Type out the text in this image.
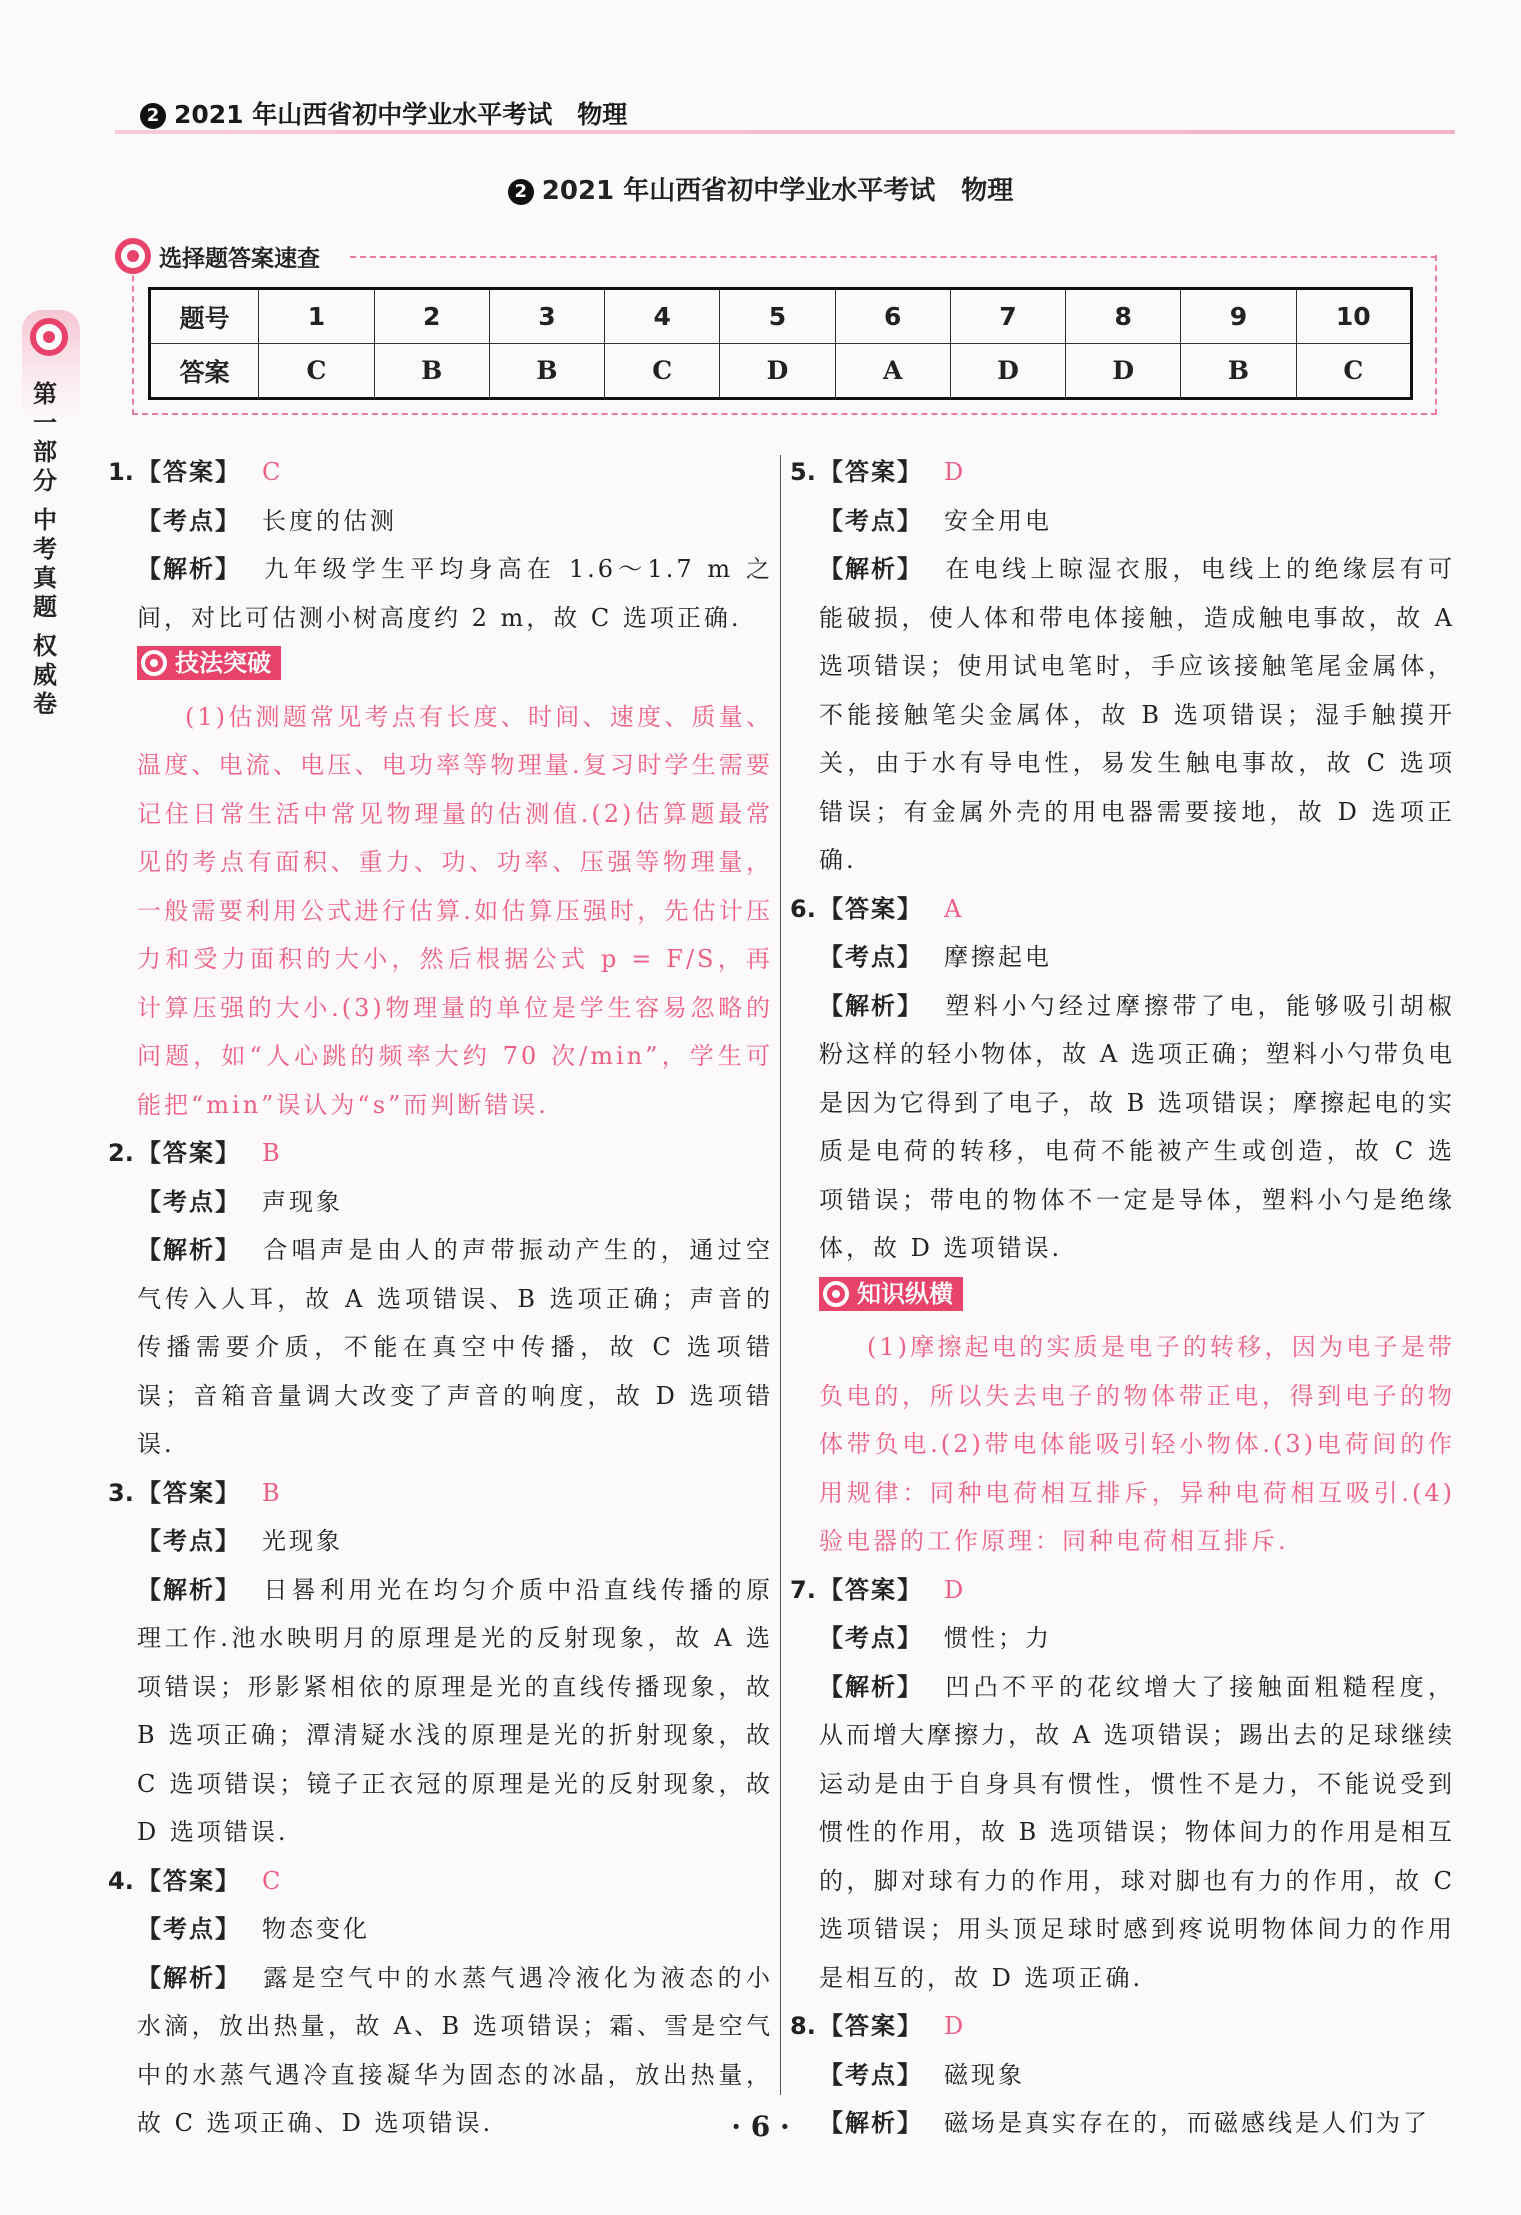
2 2021 年山西省初中学业水平考试　物理
2 2021 年山西省初中学业水平考试　物理
第一部分
中考真题
权威卷
选择题答案速查
题号	1	2	3	4	5	6	7	8	9	10
答案	C	B	B	C	D	A	D	D	B	C
1. 【答案】 C
【考点】 长度的估测
【解析】 九年级学生平均身高在 1.6～1.7 m 之间，对比可估测小树高度约 2 m，故 C 选项正确.
技法突破
(1)估测题常见考点有长度、时间、速度、质量、温度、电流、电压、电功率等物理量.复习时学生需要记住日常生活中常见物理量的估测值.(2)估算题最常见的考点有面积、重力、功、功率、压强等物理量，一般需要利用公式进行估算.如估算压强时，先估计压力和受力面积的大小，然后根据公式 p = F/S，再计算压强的大小.(3)物理量的单位是学生容易忽略的问题，如“人心跳的频率大约 70 次/min”，学生可能把“min”误认为“s”而判断错误.
2. 【答案】 B
【考点】 声现象
【解析】 合唱声是由人的声带振动产生的，通过空气传入人耳，故 A 选项错误、B 选项正确；声音的传播需要介质，不能在真空中传播，故 C 选项错误；音箱音量调大改变了声音的响度，故 D 选项错误.
3. 【答案】 B
【考点】 光现象
【解析】 日晷利用光在均匀介质中沿直线传播的原理工作.池水映明月的原理是光的反射现象，故 A 选项错误；形影紧相依的原理是光的直线传播现象，故 B 选项正确；潭清疑水浅的原理是光的折射现象，故 C 选项错误；镜子正衣冠的原理是光的反射现象，故 D 选项错误.
4. 【答案】 C
【考点】 物态变化
【解析】 露是空气中的水蒸气遇冷液化为液态的小水滴，放出热量，故 A、B 选项错误；霜、雪是空气中的水蒸气遇冷直接凝华为固态的冰晶，放出热量，故 C 选项正确、D 选项错误.
5. 【答案】 D
【考点】 安全用电
【解析】 在电线上晾湿衣服，电线上的绝缘层有可能破损，使人体和带电体接触，造成触电事故，故 A 选项错误；使用试电笔时，手应该接触笔尾金属体，不能接触笔尖金属体，故 B 选项错误；湿手触摸开关，由于水有导电性，易发生触电事故，故 C 选项错误；有金属外壳的用电器需要接地，故 D 选项正确.
6. 【答案】 A
【考点】 摩擦起电
【解析】 塑料小勺经过摩擦带了电，能够吸引胡椒粉这样的轻小物体，故 A 选项正确；塑料小勺带负电是因为它得到了电子，故 B 选项错误；摩擦起电的实质是电荷的转移，电荷不能被产生或创造，故 C 选项错误；带电的物体不一定是导体，塑料小勺是绝缘体，故 D 选项错误.
知识纵横
(1)摩擦起电的实质是电子的转移，因为电子是带负电的，所以失去电子的物体带正电，得到电子的物体带负电.(2)带电体能吸引轻小物体.(3)电荷间的作用规律：同种电荷相互排斥，异种电荷相互吸引.(4)验电器的工作原理：同种电荷相互排斥.
7. 【答案】 D
【考点】 惯性；力
【解析】 凹凸不平的花纹增大了接触面粗糙程度，从而增大摩擦力，故 A 选项错误；踢出去的足球继续运动是由于自身具有惯性，惯性不是力，不能说受到惯性的作用，故 B 选项错误；物体间力的作用是相互的，脚对球有力的作用，球对脚也有力的作用，故 C 选项错误；用头顶足球时感到疼说明物体间力的作用是相互的，故 D 选项正确.
8. 【答案】 D
【考点】 磁现象
【解析】 磁场是真实存在的，而磁感线是人们为了
· 6 ·
